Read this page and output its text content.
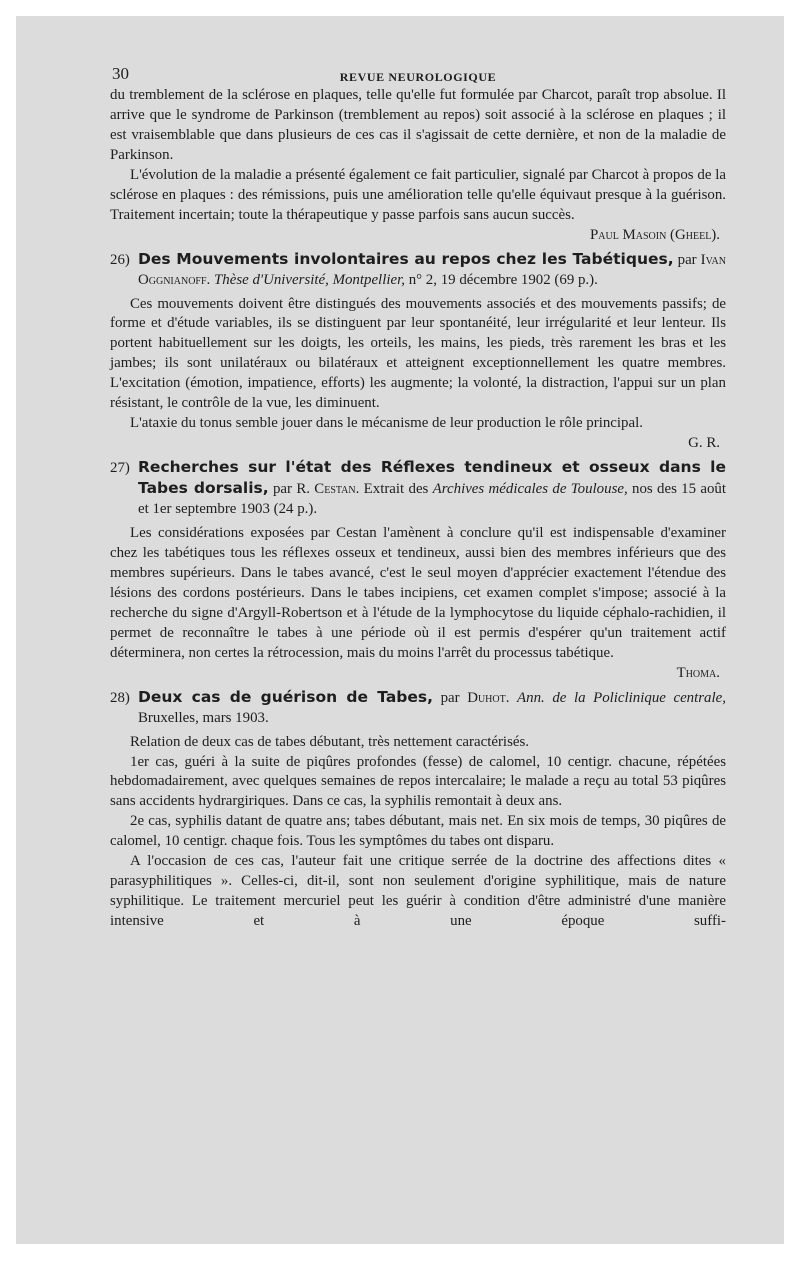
30	REVUE NEUROLOGIQUE

du tremblement de la sclérose en plaques, telle qu'elle fut formulée par Charcot, paraît trop absolue. Il arrive que le syndrome de Parkinson (tremblement au repos) soit associé à la sclérose en plaques ; il est vraisemblable que dans plusieurs de ces cas il s'agissait de cette dernière, et non de la maladie de Parkinson.

L'évolution de la maladie a présenté également ce fait particulier, signalé par Charcot à propos de la sclérose en plaques : des rémissions, puis une amélioration telle qu'elle équivaut presque à la guérison. Traitement incertain; toute la thérapeutique y passe parfois sans aucun succès.

Paul Masoin (Gheel).

26) Des Mouvements involontaires au repos chez les Tabétiques, par Ivan Oggnianoff. Thèse d'Université, Montpellier, n° 2, 19 décembre 1902 (69 p.).

Ces mouvements doivent être distingués des mouvements associés et des mouvements passifs; de forme et d'étude variables, ils se distinguent par leur spontanéité, leur irrégularité et leur lenteur. Ils portent habituellement sur les doigts, les orteils, les mains, les pieds, très rarement les bras et les jambes; ils sont unilatéraux ou bilatéraux et atteignent exceptionnellement les quatre membres. L'excitation (émotion, impatience, efforts) les augmente; la volonté, la distraction, l'appui sur un plan résistant, le contrôle de la vue, les diminuent.

L'ataxie du tonus semble jouer dans le mécanisme de leur production le rôle principal.

G. R.

27) Recherches sur l'état des Réflexes tendineux et osseux dans le Tabes dorsalis, par R. Cestan. Extrait des Archives médicales de Toulouse, nos des 15 août et 1er septembre 1903 (24 p.).

Les considérations exposées par Cestan l'amènent à conclure qu'il est indispensable d'examiner chez les tabétiques tous les réflexes osseux et tendineux, aussi bien des membres inférieurs que des membres supérieurs. Dans le tabes avancé, c'est le seul moyen d'apprécier exactement l'étendue des lésions des cordons postérieurs. Dans le tabes incipiens, cet examen complet s'impose; associé à la recherche du signe d'Argyll-Robertson et à l'étude de la lymphocytose du liquide céphalo-rachidien, il permet de reconnaître le tabes à une période où il est permis d'espérer qu'un traitement actif déterminera, non certes la rétrocession, mais du moins l'arrêt du processus tabétique.

Thoma.

28) Deux cas de guérison de Tabes, par Duhot. Ann. de la Policlinique centrale, Bruxelles, mars 1903.

Relation de deux cas de tabes débutant, très nettement caractérisés.

1er cas, guéri à la suite de piqûres profondes (fesse) de calomel, 10 centigr. chacune, répétées hebdomadairement, avec quelques semaines de repos intercalaire; le malade a reçu au total 53 piqûres sans accidents hydrargiriques. Dans ce cas, la syphilis remontait à deux ans.

2e cas, syphilis datant de quatre ans; tabes débutant, mais net. En six mois de temps, 30 piqûres de calomel, 10 centigr. chaque fois. Tous les symptômes du tabes ont disparu.

A l'occasion de ces cas, l'auteur fait une critique serrée de la doctrine des affections dites « parasyphilitiques ». Celles-ci, dit-il, sont non seulement d'origine syphilitique, mais de nature syphilitique. Le traitement mercuriel peut les guérir à condition d'être administré d'une manière intensive et à une époque suffi-
